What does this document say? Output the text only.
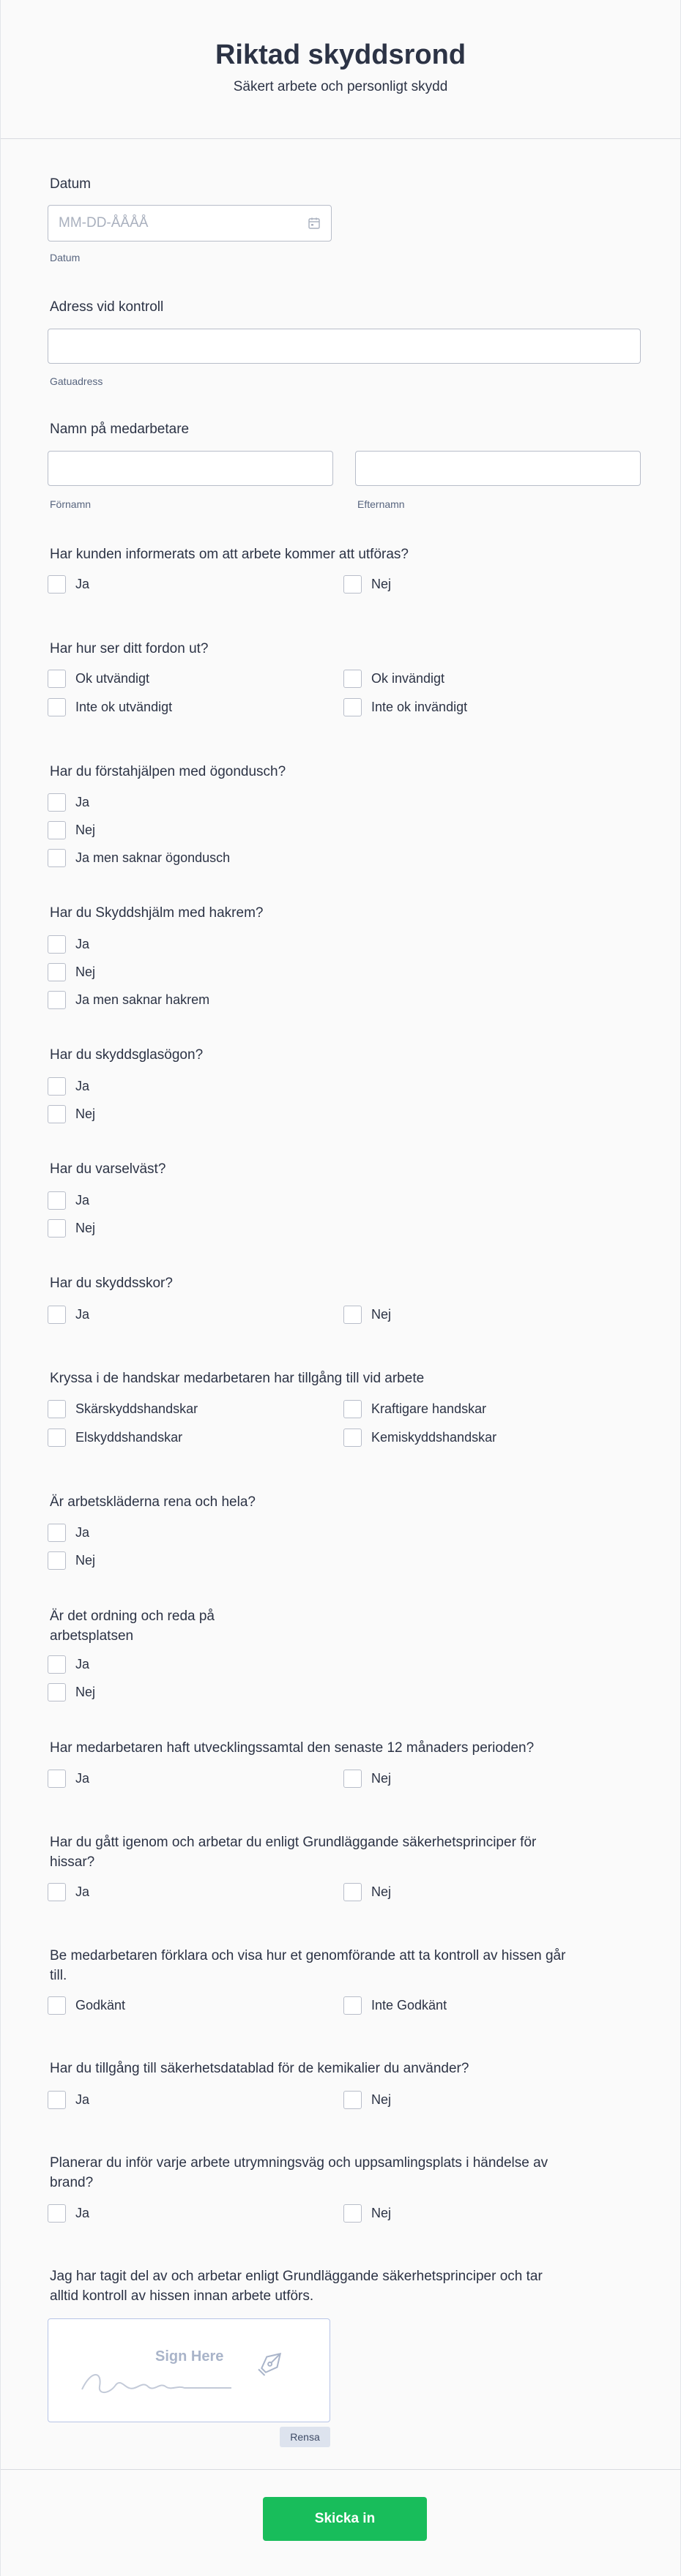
Riktad skyddsrond
Säkert arbete och personligt skydd
Datum
MM-DD-ÅÅÅÅ
Datum
Adress vid kontroll
Gatuadress
Namn på medarbetare
Förnamn	Efternamn
Har kunden informerats om att arbete kommer att utföras?
Ja	Nej
Har hur ser ditt fordon ut?
Ok utvändigt	Ok invändigt
Inte ok utvändigt	Inte ok invändigt
Har du förstahjälpen med ögondusch?
Ja
Nej
Ja men saknar ögondusch
Har du Skyddshjälm med hakrem?
Ja
Nej
Ja men saknar hakrem
Har du skyddsglasögon?
Ja
Nej
Har du varselväst?
Ja
Nej
Har du skyddsskor?
Ja	Nej
Kryssa i de handskar medarbetaren har tillgång till vid arbete
Skärskyddshandskar	Kraftigare handskar
Elskyddshandskar	Kemiskyddshandskar
Är arbetskläderna rena och hela?
Ja
Nej
Är det ordning och reda på
arbetsplatsen
Ja
Nej
Har medarbetaren haft utvecklingssamtal den senaste 12 månaders perioden?
Ja	Nej
Har du gått igenom och arbetar du enligt Grundläggande säkerhetsprinciper för
hissar?
Ja	Nej
Be medarbetaren förklara och visa hur et genomförande att ta kontroll av hissen går
till.
Godkänt	Inte Godkänt
Har du tillgång till säkerhetsdatablad för de kemikalier du använder?
Ja	Nej
Planerar du inför varje arbete utrymningsväg och uppsamlingsplats i händelse av
brand?
Ja	Nej
Jag har tagit del av och arbetar enligt Grundläggande säkerhetsprinciper och tar
alltid kontroll av hissen innan arbete utförs.
Sign Here
Rensa
Skicka in
